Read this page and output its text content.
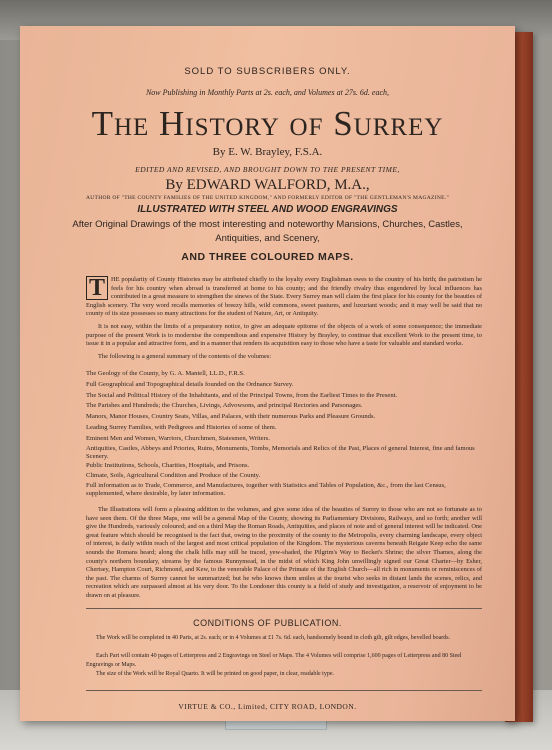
SOLD TO SUBSCRIBERS ONLY.
Now Publishing in Monthly Parts at 2s. each, and Volumes at 27s. 6d. each,
The History of Surrey
By E. W. Brayley, F.S.A.
EDITED AND REVISED, AND BROUGHT DOWN TO THE PRESENT TIME,
By EDWARD WALFORD, M.A.,
AUTHOR OF "THE COUNTY FAMILIES OF THE UNITED KINGDOM," AND FORMERLY EDITOR OF "THE GENTLEMAN'S MAGAZINE."
ILLUSTRATED WITH STEEL AND WOOD ENGRAVINGS
After Original Drawings of the most interesting and noteworthy Mansions, Churches, Castles,
Antiquities, and Scenery,
AND THREE COLOURED MAPS.
T HE popularity of County Histories may be attributed chiefly to the loyalty every Englishman owes to the country of his birth; the patriotism he feels for his country when abroad is transferred at home to his county; and the friendly rivalry thus engendered by local influences has contributed in a great measure to strengthen the sinews of the State. Every Surrey man will claim the first place for his county for the beauties of English scenery. The very word recalls memories of breezy hills, wild commons, sweet pastures, and luxuriant woods; and it may well be said that no county of its size possesses so many attractions for the student of Nature, Art, or Antiquity.
It is not easy, within the limits of a preparatory notice, to give an adequate epitome of the objects of a work of some consequence; the immediate purpose of the present Work is to modernise the compendious and expensive History by Brayley, to continue that excellent Work to the present time, to issue it in a popular and attractive form, and in a manner that renders its acquisition easy to those who have a taste for valuable and standard works.
The following is a general summary of the contents of the volumes:
The Geology of the County, by G. A. Mantell, LL.D., F.R.S.
Full Geographical and Topographical details founded on the Ordnance Survey.
The Social and Political History of the Inhabitants, and of the Principal Towns, from the Earliest Times to the Present.
The Parishes and Hundreds; the Churches, Livings, Advowsons, and principal Rectories and Parsonages.
Manors, Manor Houses, Country Seats, Villas, and Palaces, with their numerous Parks and Pleasure Grounds.
Leading Surrey Families, with Pedigrees and Histories of some of them.
Eminent Men and Women, Warriors, Churchmen, Statesmen, Writers.
Antiquities, Castles, Abbeys and Priories, Ruins, Monuments, Tombs, Memorials and Relics of the Past, Places of general Interest, fine and famous Scenery.
Public Institutions, Schools, Charities, Hospitals, and Prisons.
Climate, Soils, Agricultural Condition and Produce of the County.
Full information as to Trade, Commerce, and Manufactures, together with Statistics and Tables of Population, &c., from the last Census, supplemented, where desirable, by later information.
The Illustrations will form a pleasing addition to the volumes, and give some idea of the beauties of Surrey to those who are not so fortunate as to have seen them. Of the three Maps, one will be a general Map of the County, showing its Parliamentary Divisions, Railways, and so forth; another will give the Hundreds, variously coloured; and on a third Map the Roman Roads, Antiquities, and places of note and of general interest will be indicated. One great feature which should be recognised is the fact that, owing to the proximity of the county to the Metropolis, every charming landscape, every object of interest, is daily within reach of the largest and most critical population of the Kingdom. The mysterious caverns beneath Reigate Keep echo the same sounds the Romans heard; along the chalk hills may still be traced, yew-shaded, the Pilgrim's Way to Becket's Shrine; the silver Thames, along the county's northern boundary, streams by the famous Runnymead, in the midst of which King John unwillingly signed our Great Charter—by Esher, Chertsey, Hampton Court, Richmond, and Kew, to the venerable Palace of the Primate of the English Church—all rich in monuments or reminiscences of the past. The charms of Surrey cannot be summarized; but he who knows them smiles at the tourist who seeks in distant lands the scenes, relics, and recreation which are surpassed almost at his very door. To the Londoner this county is a field of study and investigation, a reservoir of enjoyment to be drawn on at pleasure.
CONDITIONS OF PUBLICATION.
The Work will be completed in 40 Parts, at 2s. each; or in 4 Volumes at £1 7s. 6d. each, handsomely bound in cloth gilt, gilt edges, bevelled boards.
Each Part will contain 40 pages of Letterpress and 2 Engravings on Steel or Maps. The 4 Volumes will comprise 1,600 pages of Letterpress and 80 Steel Engravings or Maps.
The size of the Work will be Royal Quarto. It will be printed on good paper, in clear, readable type.
VIRTUE & CO., Limited, CITY ROAD, LONDON.
